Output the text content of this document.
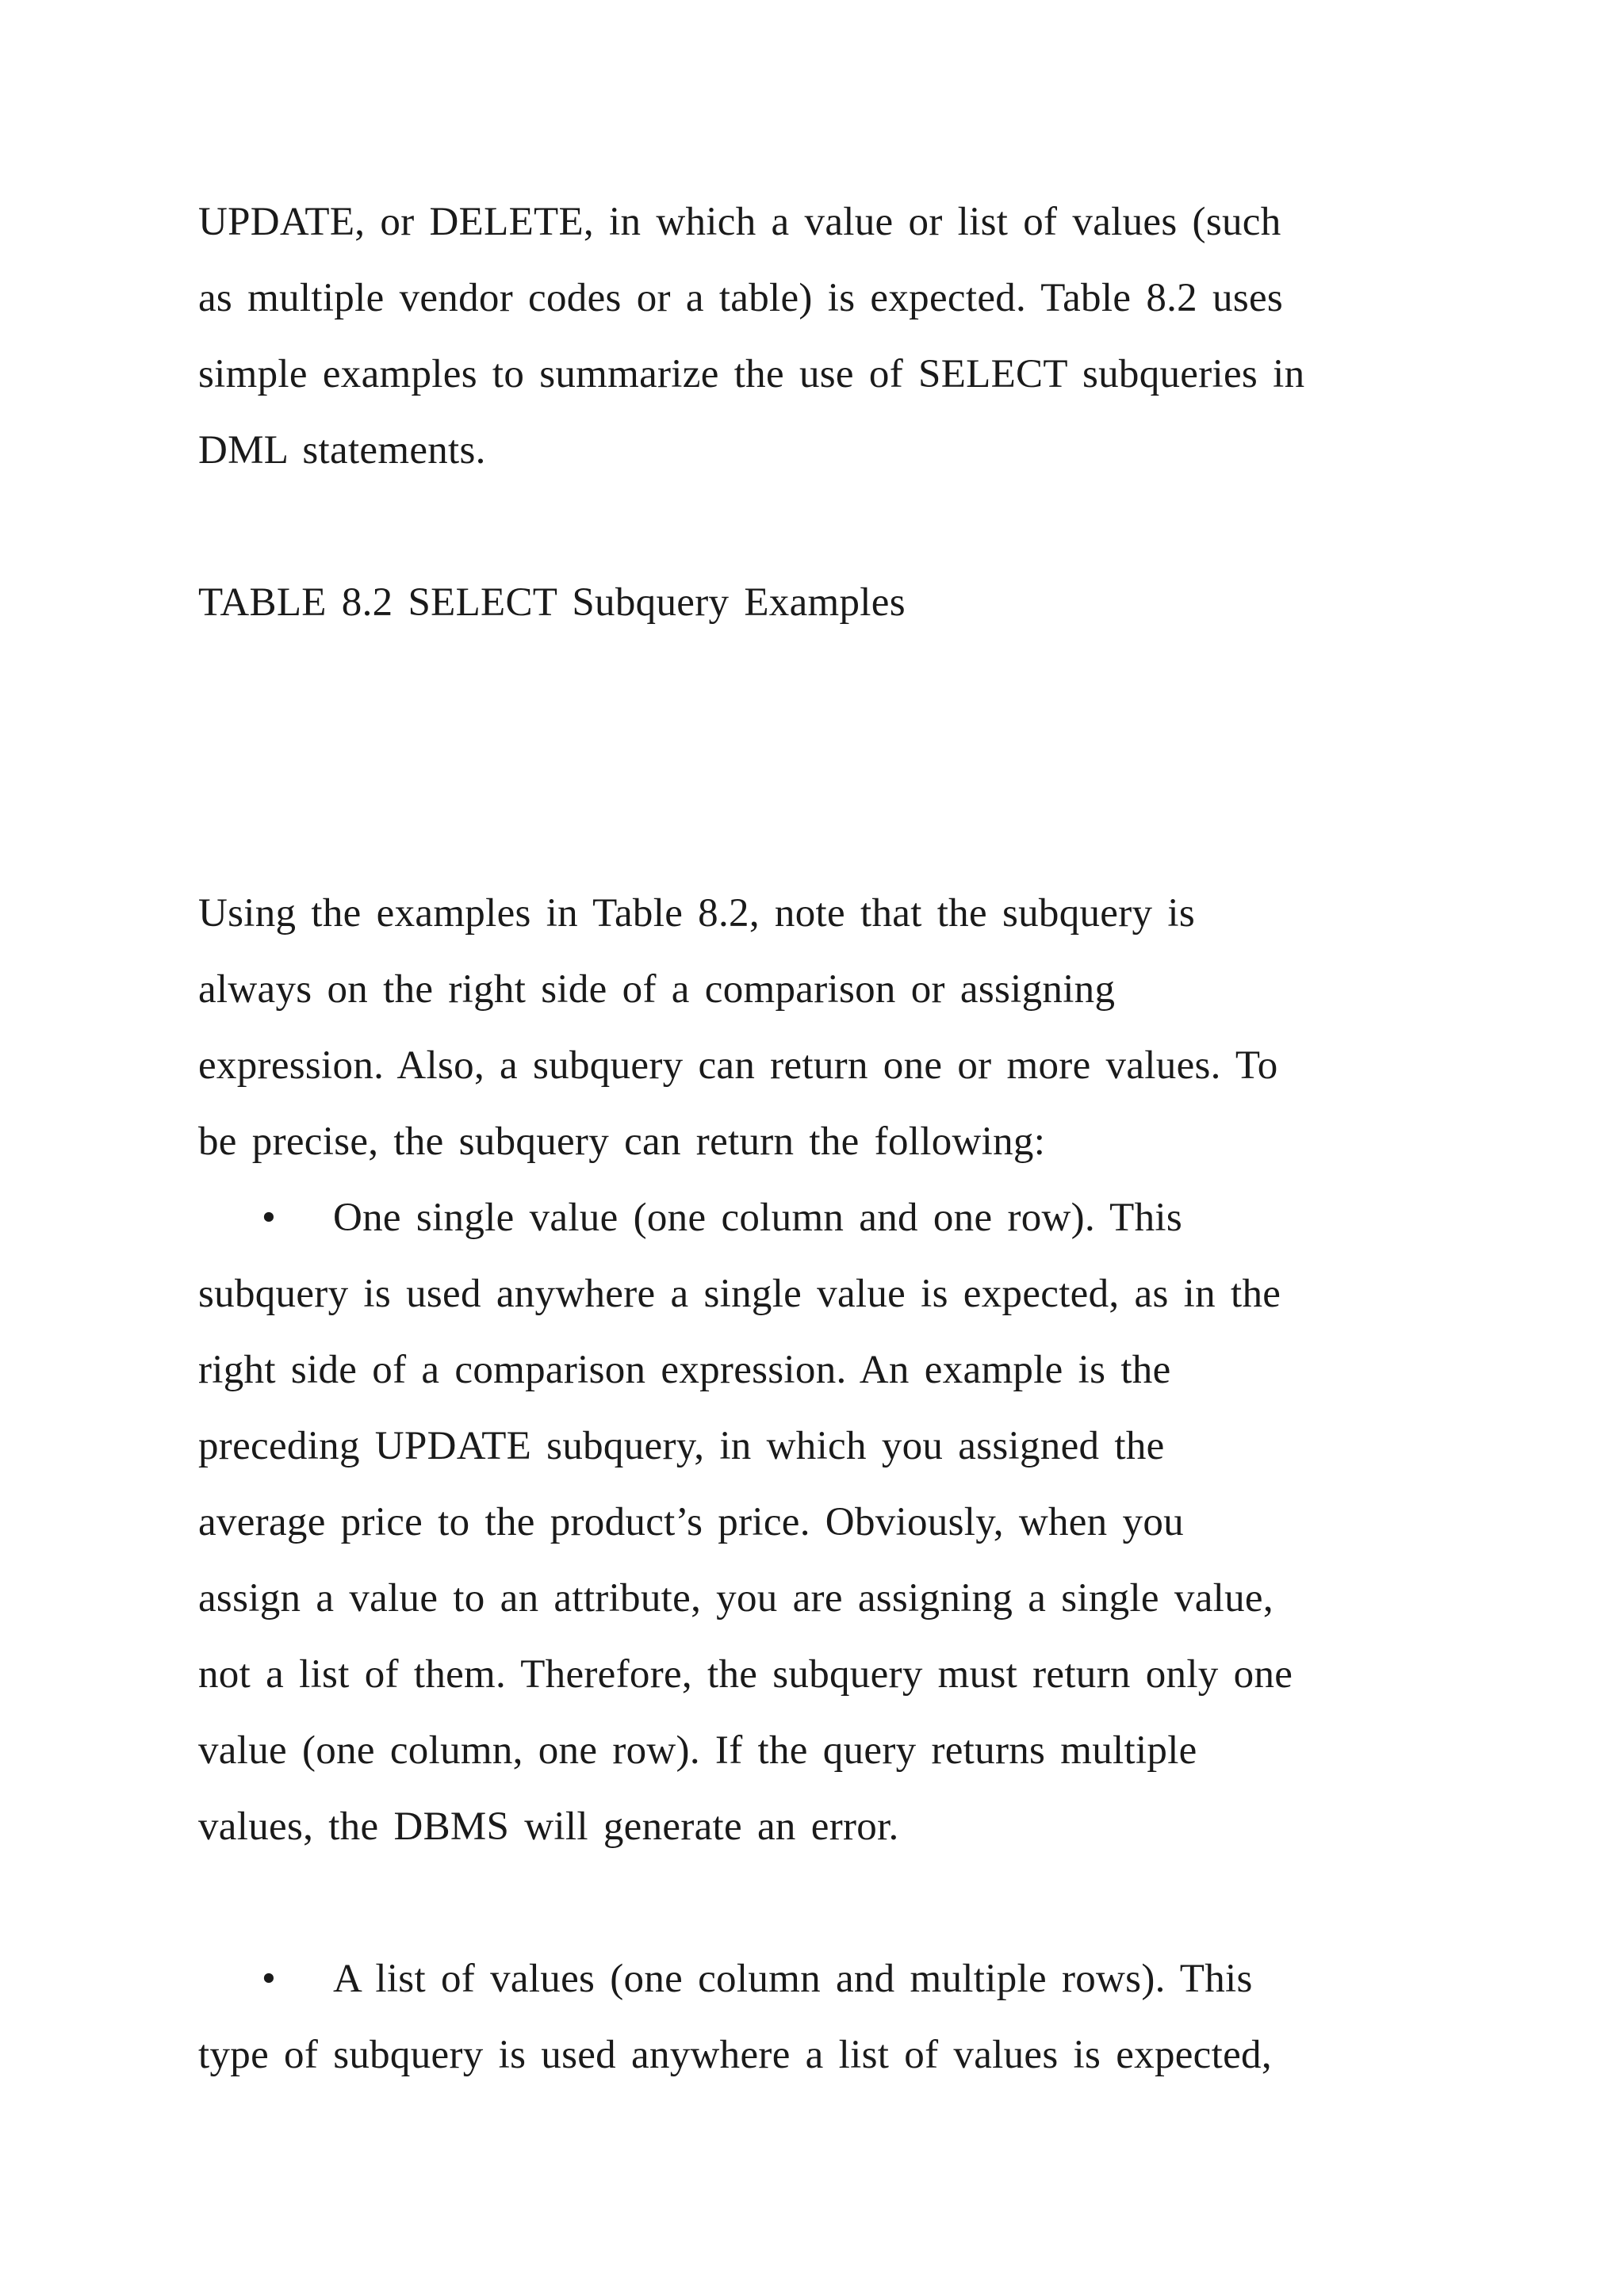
UPDATE, or DELETE, in which a value or list of values (such
as multiple vendor codes or a table) is expected. Table 8.2 uses
simple examples to summarize the use of SELECT subqueries in
DML statements.
TABLE 8.2 SELECT Subquery Examples
Using the examples in Table 8.2, note that the subquery is
always on the right side of a comparison or assigning
expression. Also, a subquery can return one or more values. To
be precise, the subquery can return the following:
• One single value (one column and one row). This
subquery is used anywhere a single value is expected, as in the
right side of a comparison expression. An example is the
preceding UPDATE subquery, in which you assigned the
average price to the product’s price. Obviously, when you
assign a value to an attribute, you are assigning a single value,
not a list of them. Therefore, the subquery must return only one
value (one column, one row). If the query returns multiple
values, the DBMS will generate an error.
• A list of values (one column and multiple rows). This
type of subquery is used anywhere a list of values is expected,
